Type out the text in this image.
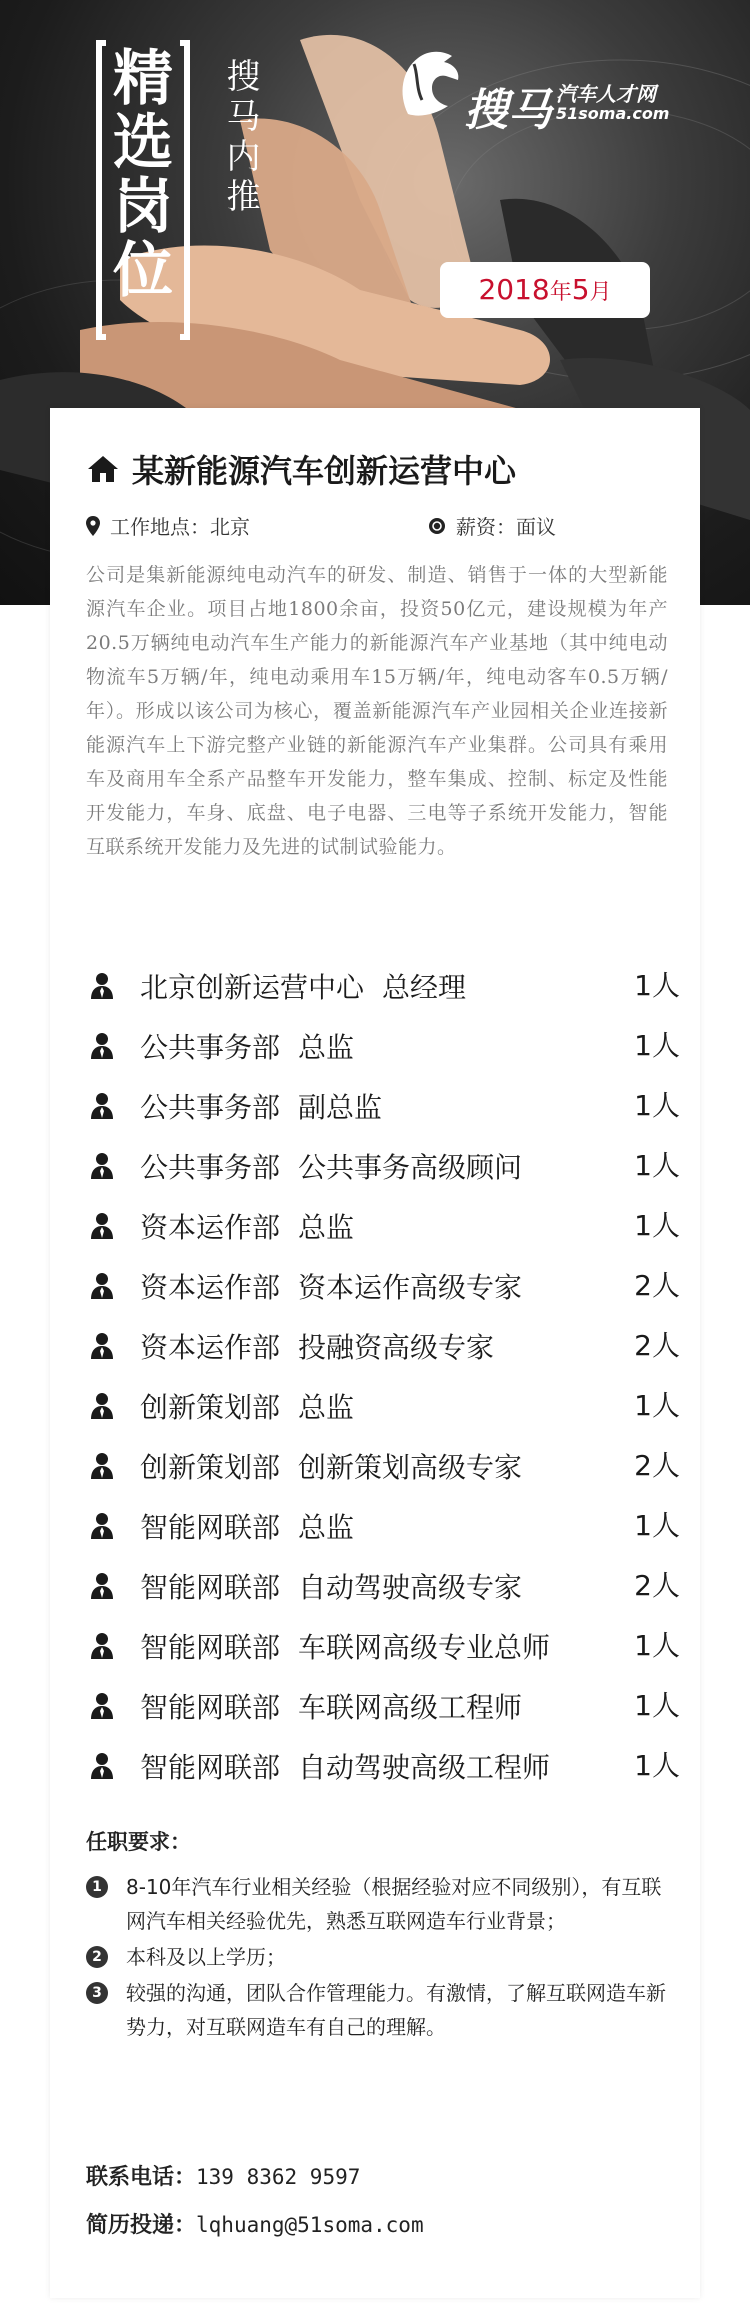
精选岗位 搜马内推	搜马 汽车人才网
51soma.com
2018年5月
某新能源汽车创新运营中心
工作地点：北京	薪资：面议
公司是集新能源纯电动汽车的研发、制造、销售于一体的大型新能源汽车企业。项目占地1800余亩，投资50亿元，建设规模为年产20.5万辆纯电动汽车生产能力的新能源汽车产业基地（其中纯电动物流车5万辆/年，纯电动乘用车15万辆/年，纯电动客车0.5万辆/年）。形成以该公司为核心，覆盖新能源汽车产业园相关企业连接新能源汽车上下游完整产业链的新能源汽车产业集群。公司具有乘用车及商用车全系产品整车开发能力，整车集成、控制、标定及性能开发能力，车身、底盘、电子电器、三电等子系统开发能力，智能互联系统开发能力及先进的试制试验能力。
北京创新运营中心 总经理	1人
公共事务部 总监	1人
公共事务部 副总监	1人
公共事务部 公共事务高级顾问	1人
资本运作部 总监	1人
资本运作部 资本运作高级专家	2人
资本运作部 投融资高级专家	2人
创新策划部 总监	1人
创新策划部 创新策划高级专家	2人
智能网联部 总监	1人
智能网联部 自动驾驶高级专家	2人
智能网联部 车联网高级专业总师	1人
智能网联部 车联网高级工程师	1人
智能网联部 自动驾驶高级工程师	1人
任职要求：
1	8-10年汽车行业相关经验（根据经验对应不同级别），有互联网汽车相关经验优先，熟悉互联网造车行业背景；
2	本科及以上学历；
3	较强的沟通，团队合作管理能力。有激情，了解互联网造车新势力，对互联网造车有自己的理解。
联系电话：139 8362 9597
简历投递：lqhuang@51soma.com
